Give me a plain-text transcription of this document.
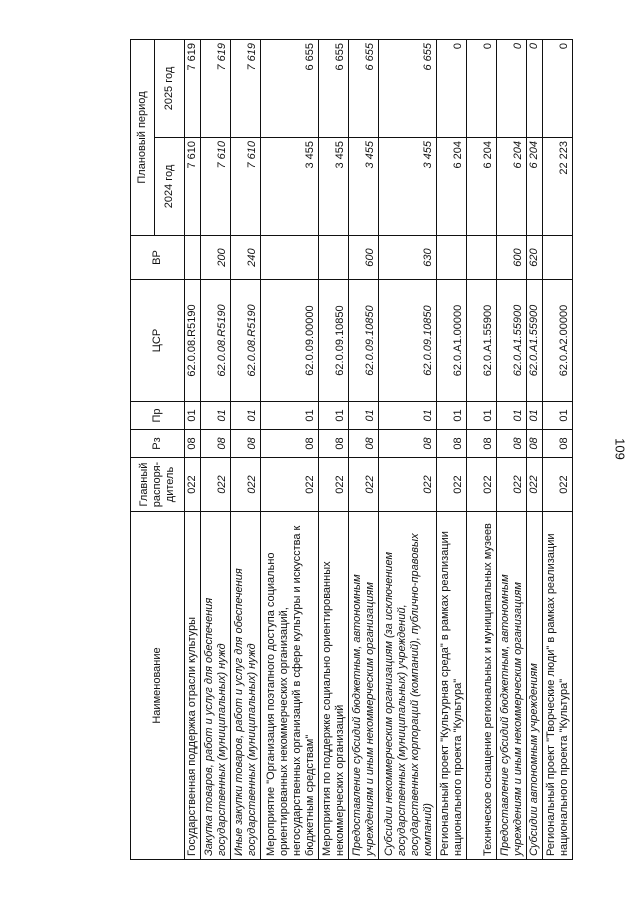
109
Наименование	Главный распоря-дитель	Рз	Пр	ЦСР	ВР	Плановый период	
						2024 год	2025 год
Государственная поддержка отрасли культуры	022	08	01	62.0.08.R5190		7 610	7 619
Закупка товаров, работ и услуг для обеспечения государственных (муниципальных) нужд	022	08	01	62.0.08.R5190	200	7 610	7 619
Иные закупки товаров, работ и услуг для обеспечения государственных (муниципальных) нужд	022	08	01	62.0.08.R5190	240	7 610	7 619
Мероприятие "Организация поэтапного доступа социально ориентированных некоммерческих организаций, негосударственных организаций в сфере культуры и искусства к бюджетным средствам"	022	08	01	62.0.09.00000		3 455	6 655
Мероприятия по поддержке социально ориентированных некоммерческих организаций	022	08	01	62.0.09.10850		3 455	6 655
Предоставление субсидий бюджетным, автономным учреждениям и иным некоммерческим организациям	022	08	01	62.0.09.10850	600	3 455	6 655
Субсидии некоммерческим организациям (за исключением государственных (муниципальных) учреждений, государственных корпораций (компаний), публично-правовых компаний)	022	08	01	62.0.09.10850	630	3 455	6 655
Региональный проект "Культурная среда" в рамках реализации национального проекта "Культура"	022	08	01	62.0.A1.00000		6 204	0
Техническое оснащение региональных и муниципальных музеев	022	08	01	62.0.A1.55900		6 204	0
Предоставление субсидий бюджетным, автономным учреждениям и иным некоммерческим организациям	022	08	01	62.0.A1.55900	600	6 204	0
Субсидии автономным учреждениям	022	08	01	62.0.A1.55900	620	6 204	0
Региональный проект "Творческие люди" в рамках реализации национального проекта "Культура"	022	08	01	62.0.A2.00000		22 223	0
